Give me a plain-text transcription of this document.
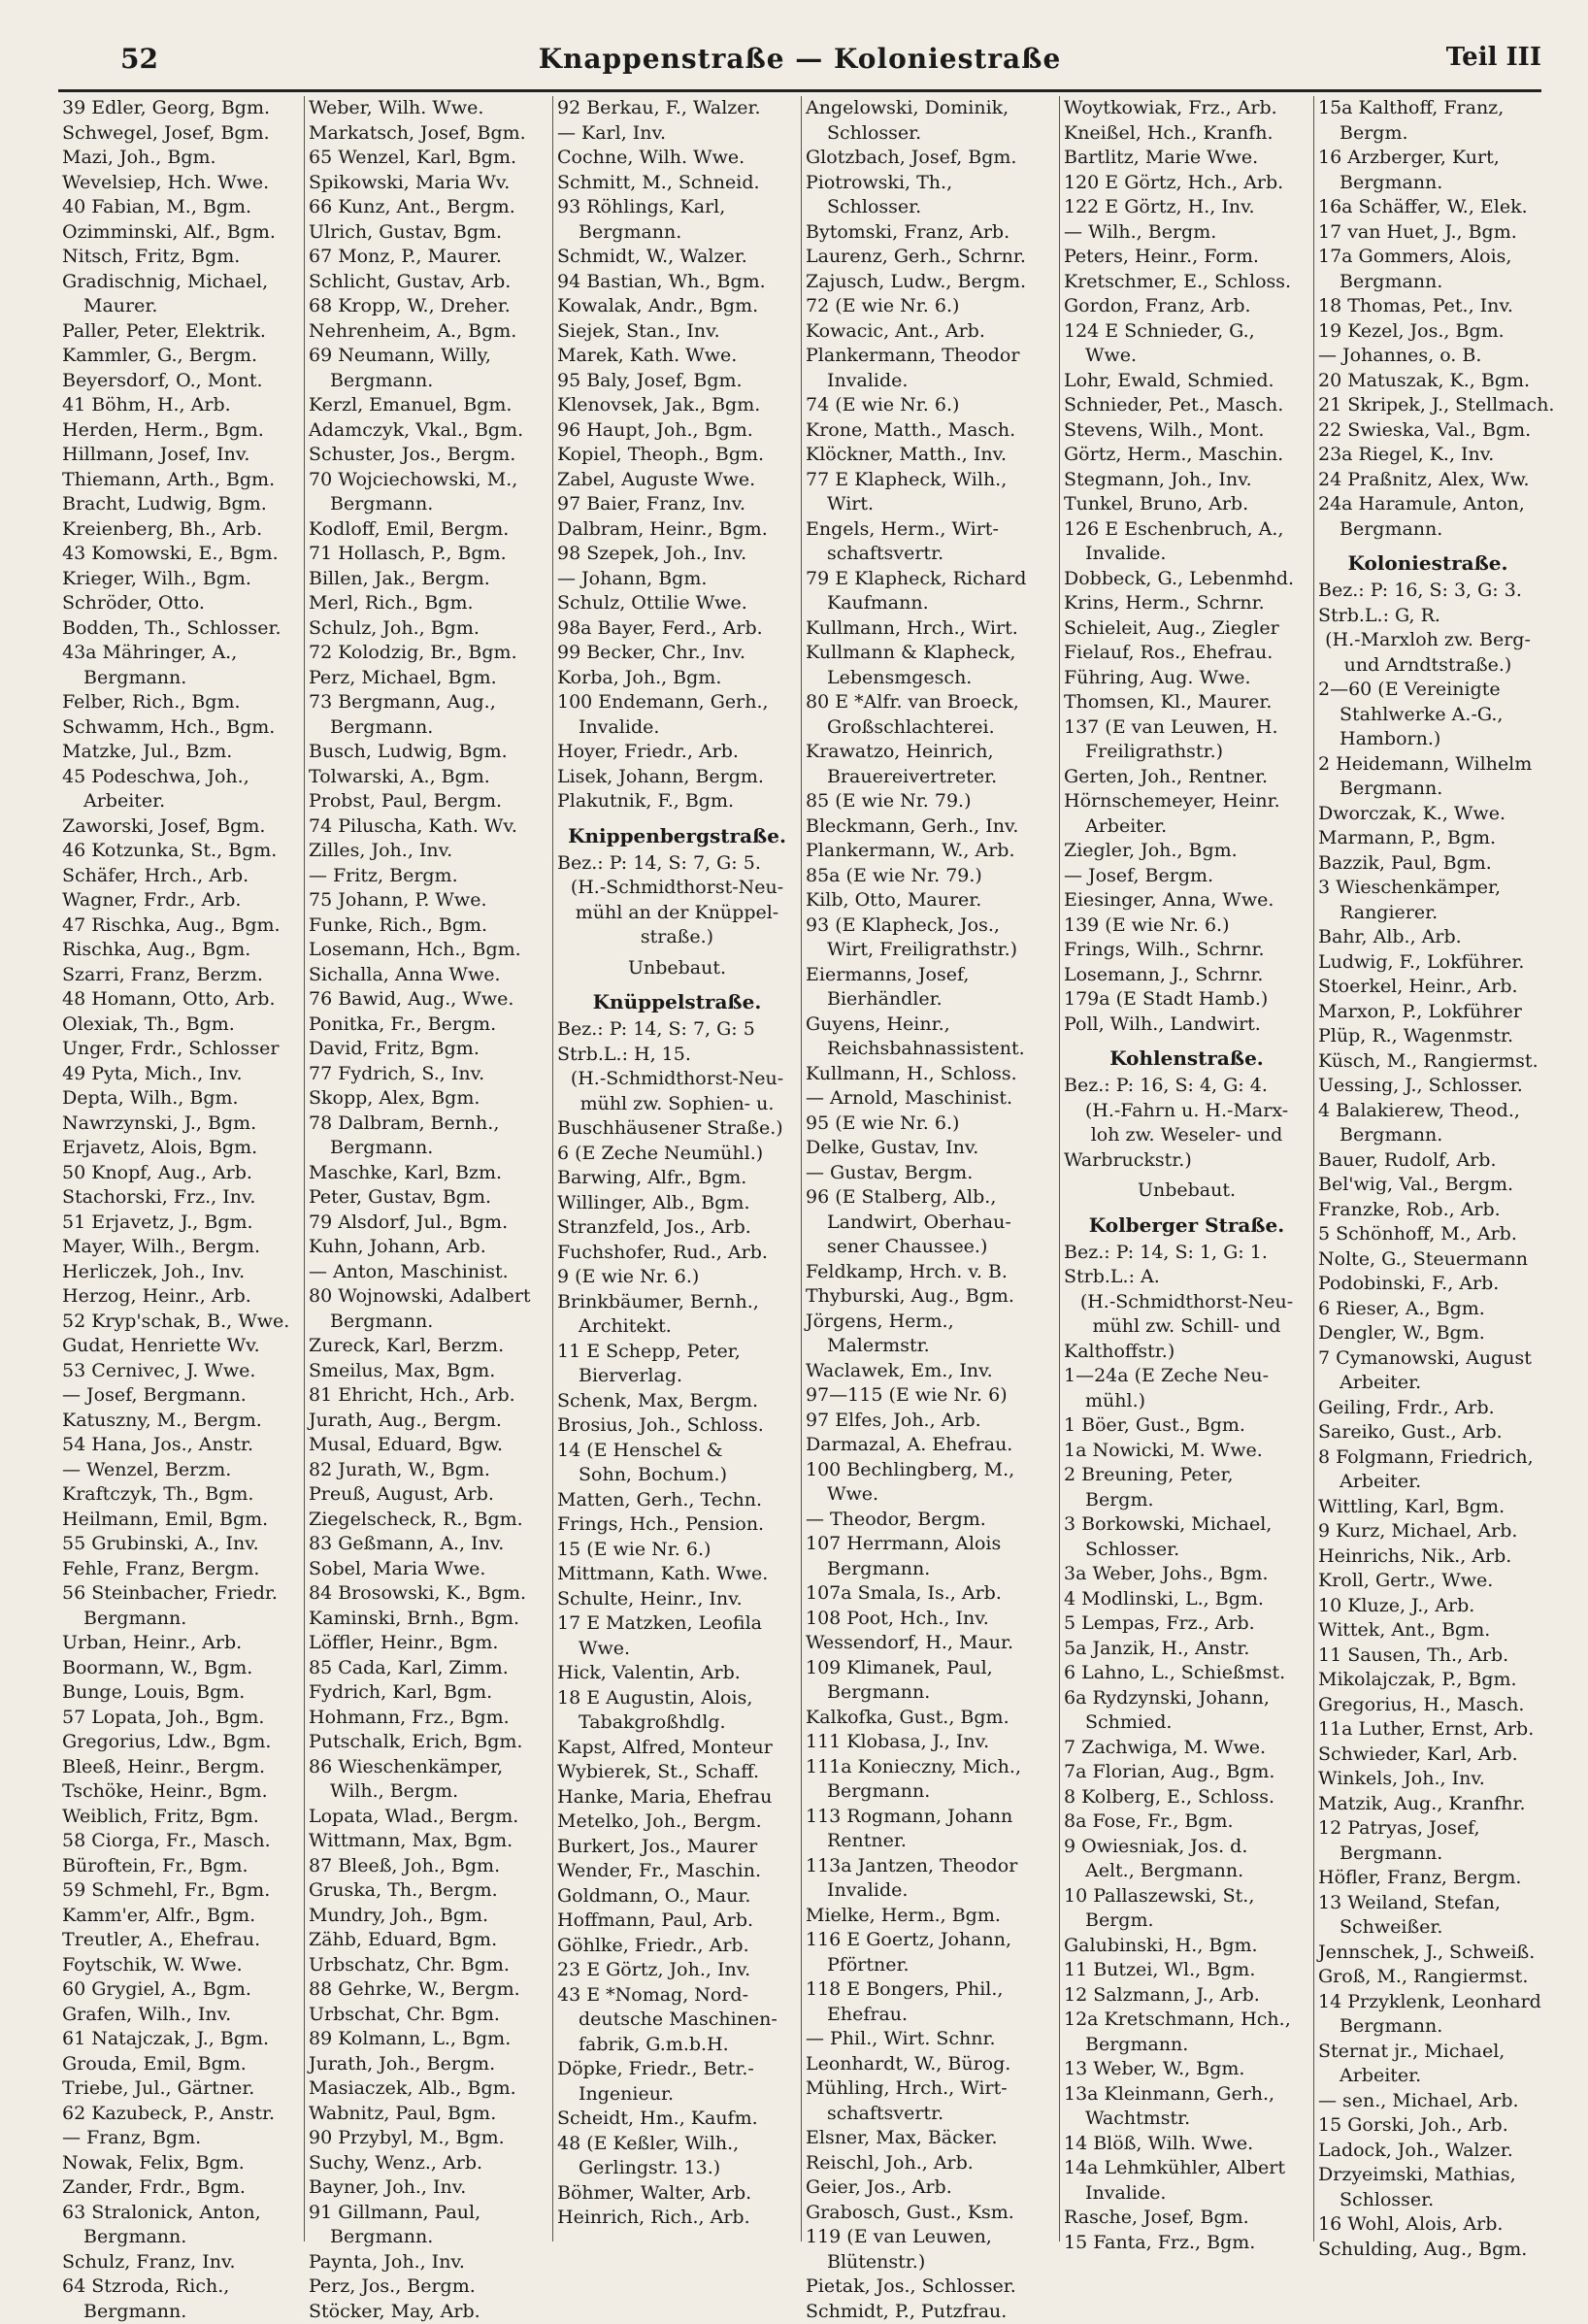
52	Knappenstraße — Koloniestraße	Teil III
39 Edler, Georg, Bgm.
Schwegel, Josef, Bgm.
Mazi, Joh., Bgm.
Wevelsiep, Hch. Wwe.
40 Fabian, M., Bgm.
Ozimminski, Alf., Bgm.
Nitsch, Fritz, Bgm.
Gradischnig, Michael,
Maurer.
Paller, Peter, Elektrik.
Kammler, G., Bergm.
Beyersdorf, O., Mont.
41 Böhm, H., Arb.
Herden, Herm., Bgm.
Hillmann, Josef, Inv.
Thiemann, Arth., Bgm.
Bracht, Ludwig, Bgm.
Kreienberg, Bh., Arb.
43 Komowski, E., Bgm.
Krieger, Wilh., Bgm.
Schröder, Otto.
Bodden, Th., Schlosser.
43a Mähringer, A.,
Bergmann.
Felber, Rich., Bgm.
Schwamm, Hch., Bgm.
Matzke, Jul., Bzm.
45 Podeschwa, Joh.,
Arbeiter.
Zaworski, Josef, Bgm.
46 Kotzunka, St., Bgm.
Schäfer, Hrch., Arb.
Wagner, Frdr., Arb.
47 Rischka, Aug., Bgm.
Rischka, Aug., Bgm.
Szarri, Franz, Berzm.
48 Homann, Otto, Arb.
Olexiak, Th., Bgm.
Unger, Frdr., Schlosser
49 Pyta, Mich., Inv.
Depta, Wilh., Bgm.
Nawrzynski, J., Bgm.
Erjavetz, Alois, Bgm.
50 Knopf, Aug., Arb.
Stachorski, Frz., Inv.
51 Erjavetz, J., Bgm.
Mayer, Wilh., Bergm.
Herliczek, Joh., Inv.
Herzog, Heinr., Arb.
52 Kryp'schak, B., Wwe.
Gudat, Henriette Wv.
53 Cernivec, J. Wwe.
— Josef, Bergmann.
Katuszny, M., Bergm.
54 Hana, Jos., Anstr.
— Wenzel, Berzm.
Kraftczyk, Th., Bgm.
Heilmann, Emil, Bgm.
55 Grubinski, A., Inv.
Fehle, Franz, Bergm.
56 Steinbacher, Friedr.
Bergmann.
Urban, Heinr., Arb.
Boormann, W., Bgm.
Bunge, Louis, Bgm.
57 Lopata, Joh., Bgm.
Gregorius, Ldw., Bgm.
Bleeß, Heinr., Bergm.
Tschöke, Heinr., Bgm.
Weiblich, Fritz, Bgm.
58 Ciorga, Fr., Masch.
Büroftein, Fr., Bgm.
59 Schmehl, Fr., Bgm.
Kamm'er, Alfr., Bgm.
Treutler, A., Ehefrau.
Foytschik, W. Wwe.
60 Grygiel, A., Bgm.
Grafen, Wilh., Inv.
61 Natajczak, J., Bgm.
Grouda, Emil, Bgm.
Triebe, Jul., Gärtner.
62 Kazubeck, P., Anstr.
— Franz, Bgm.
Nowak, Felix, Bgm.
Zander, Frdr., Bgm.
63 Stralonick, Anton,
Bergmann.
Schulz, Franz, Inv.
64 Stzroda, Rich.,
Bergmann.
Weber, Wilh. Wwe.
Markatsch, Josef, Bgm.
65 Wenzel, Karl, Bgm.
Spikowski, Maria Wv.
66 Kunz, Ant., Bergm.
Ulrich, Gustav, Bgm.
67 Monz, P., Maurer.
Schlicht, Gustav, Arb.
68 Kropp, W., Dreher.
Nehrenheim, A., Bgm.
69 Neumann, Willy,
Bergmann.
Kerzl, Emanuel, Bgm.
Adamczyk, Vkal., Bgm.
Schuster, Jos., Bergm.
70 Wojciechowski, M.,
Bergmann.
Kodloff, Emil, Bergm.
71 Hollasch, P., Bgm.
Billen, Jak., Bergm.
Merl, Rich., Bgm.
Schulz, Joh., Bgm.
72 Kolodzig, Br., Bgm.
Perz, Michael, Bgm.
73 Bergmann, Aug.,
Bergmann.
Busch, Ludwig, Bgm.
Tolwarski, A., Bgm.
Probst, Paul, Bergm.
74 Piluscha, Kath. Wv.
Zilles, Joh., Inv.
— Fritz, Bergm.
75 Johann, P. Wwe.
Funke, Rich., Bgm.
Losemann, Hch., Bgm.
Sichalla, Anna Wwe.
76 Bawid, Aug., Wwe.
Ponitka, Fr., Bergm.
David, Fritz, Bgm.
77 Fydrich, S., Inv.
Skopp, Alex, Bgm.
78 Dalbram, Bernh.,
Bergmann.
Maschke, Karl, Bzm.
Peter, Gustav, Bgm.
79 Alsdorf, Jul., Bgm.
Kuhn, Johann, Arb.
— Anton, Maschinist.
80 Wojnowski, Adalbert
Bergmann.
Zureck, Karl, Berzm.
Smeilus, Max, Bgm.
81 Ehricht, Hch., Arb.
Jurath, Aug., Bergm.
Musal, Eduard, Bgw.
82 Jurath, W., Bgm.
Preuß, August, Arb.
Ziegelscheck, R., Bgm.
83 Geßmann, A., Inv.
Sobel, Maria Wwe.
84 Brosowski, K., Bgm.
Kaminski, Brnh., Bgm.
Löffler, Heinr., Bgm.
85 Cada, Karl, Zimm.
Fydrich, Karl, Bgm.
Hohmann, Frz., Bgm.
Putschalk, Erich, Bgm.
86 Wieschenkämper,
Wilh., Bergm.
Lopata, Wlad., Bergm.
Wittmann, Max, Bgm.
87 Bleeß, Joh., Bgm.
Gruska, Th., Bergm.
Mundry, Joh., Bgm.
Zähb, Eduard, Bgm.
Urbschatz, Chr. Bgm.
88 Gehrke, W., Bergm.
Urbschat, Chr. Bgm.
89 Kolmann, L., Bgm.
Jurath, Joh., Bergm.
Masiaczek, Alb., Bgm.
Wabnitz, Paul, Bgm.
90 Przybyl, M., Bgm.
Suchy, Wenz., Arb.
Bayner, Joh., Inv.
91 Gillmann, Paul,
Bergmann.
Paynta, Joh., Inv.
Perz, Jos., Bergm.
Stöcker, May, Arb.
92 Berkau, F., Walzer.
— Karl, Inv.
Cochne, Wilh. Wwe.
Schmitt, M., Schneid.
93 Röhlings, Karl,
Bergmann.
Schmidt, W., Walzer.
94 Bastian, Wh., Bgm.
Kowalak, Andr., Bgm.
Siejek, Stan., Inv.
Marek, Kath. Wwe.
95 Baly, Josef, Bgm.
Klenovsek, Jak., Bgm.
96 Haupt, Joh., Bgm.
Kopiel, Theoph., Bgm.
Zabel, Auguste Wwe.
97 Baier, Franz, Inv.
Dalbram, Heinr., Bgm.
98 Szepek, Joh., Inv.
— Johann, Bgm.
Schulz, Ottilie Wwe.
98a Bayer, Ferd., Arb.
99 Becker, Chr., Inv.
Korba, Joh., Bgm.
100 Endemann, Gerh.,
Invalide.
Hoyer, Friedr., Arb.
Lisek, Johann, Bergm.
Plakutnik, F., Bgm.
Knippenbergstraße.
Bez.: P: 14, S: 7, G: 5.
(H.-Schmidthorst-Neu-
mühl an der Knüppel-
straße.)
Unbebaut.
Knüppelstraße.
Bez.: P: 14, S: 7, G: 5
Strb.L.: H, 15.
(H.-Schmidthorst-Neu-
mühl zw. Sophien- u.
Buschhäusener Straße.)
6 (E Zeche Neumühl.)
Barwing, Alfr., Bgm.
Willinger, Alb., Bgm.
Stranzfeld, Jos., Arb.
Fuchshofer, Rud., Arb.
9 (E wie Nr. 6.)
Brinkbäumer, Bernh.,
Architekt.
11 E Schepp, Peter,
Bierverlag.
Schenk, Max, Bergm.
Brosius, Joh., Schloss.
14 (E Henschel &
Sohn, Bochum.)
Matten, Gerh., Techn.
Frings, Hch., Pension.
15 (E wie Nr. 6.)
Mittmann, Kath. Wwe.
Schulte, Heinr., Inv.
17 E Matzken, Leofila
Wwe.
Hick, Valentin, Arb.
18 E Augustin, Alois,
Tabakgroßhdlg.
Kapst, Alfred, Monteur
Wybierek, St., Schaff.
Hanke, Maria, Ehefrau
Metelko, Joh., Bergm.
Burkert, Jos., Maurer
Wender, Fr., Maschin.
Goldmann, O., Maur.
Hoffmann, Paul, Arb.
Göhlke, Friedr., Arb.
23 E Görtz, Joh., Inv.
43 E *Nomag, Nord-
deutsche Maschinen-
fabrik, G.m.b.H.
Döpke, Friedr., Betr.-
Ingenieur.
Scheidt, Hm., Kaufm.
48 (E Keßler, Wilh.,
Gerlingstr. 13.)
Böhmer, Walter, Arb.
Heinrich, Rich., Arb.
Angelowski, Dominik,
Schlosser.
Glotzbach, Josef, Bgm.
Piotrowski, Th.,
Schlosser.
Bytomski, Franz, Arb.
Laurenz, Gerh., Schrnr.
Zajusch, Ludw., Bergm.
72 (E wie Nr. 6.)
Kowacic, Ant., Arb.
Plankermann, Theodor
Invalide.
74 (E wie Nr. 6.)
Krone, Matth., Masch.
Klöckner, Matth., Inv.
77 E Klapheck, Wilh.,
Wirt.
Engels, Herm., Wirt-
schaftsvertr.
79 E Klapheck, Richard
Kaufmann.
Kullmann, Hrch., Wirt.
Kullmann & Klapheck,
Lebensmgesch.
80 E *Alfr. van Broeck,
Großschlachterei.
Krawatzo, Heinrich,
Brauereivertreter.
85 (E wie Nr. 79.)
Bleckmann, Gerh., Inv.
Plankermann, W., Arb.
85a (E wie Nr. 79.)
Kilb, Otto, Maurer.
93 (E Klapheck, Jos.,
Wirt, Freiligrathstr.)
Eiermanns, Josef,
Bierhändler.
Guyens, Heinr.,
Reichsbahnassistent.
Kullmann, H., Schloss.
— Arnold, Maschinist.
95 (E wie Nr. 6.)
Delke, Gustav, Inv.
— Gustav, Bergm.
96 (E Stalberg, Alb.,
Landwirt, Oberhau-
sener Chaussee.)
Feldkamp, Hrch. v. B.
Thyburski, Aug., Bgm.
Jörgens, Herm.,
Malermstr.
Waclawek, Em., Inv.
97—115 (E wie Nr. 6)
97 Elfes, Joh., Arb.
Darmazal, A. Ehefrau.
100 Bechlingberg, M.,
Wwe.
— Theodor, Bergm.
107 Herrmann, Alois
Bergmann.
107a Smala, Is., Arb.
108 Poot, Hch., Inv.
Wessendorf, H., Maur.
109 Klimanek, Paul,
Bergmann.
Kalkofka, Gust., Bgm.
111 Klobasa, J., Inv.
111a Konieczny, Mich.,
Bergmann.
113 Rogmann, Johann
Rentner.
113a Jantzen, Theodor
Invalide.
Mielke, Herm., Bgm.
116 E Goertz, Johann,
Pförtner.
118 E Bongers, Phil.,
Ehefrau.
— Phil., Wirt. Schnr.
Leonhardt, W., Bürog.
Mühling, Hrch., Wirt-
schaftsvertr.
Elsner, Max, Bäcker.
Reischl, Joh., Arb.
Geier, Jos., Arb.
Grabosch, Gust., Ksm.
119 (E van Leuwen,
Blütenstr.)
Pietak, Jos., Schlosser.
Schmidt, P., Putzfrau.
Woytkowiak, Frz., Arb.
Kneißel, Hch., Kranfh.
Bartlitz, Marie Wwe.
120 E Görtz, Hch., Arb.
122 E Görtz, H., Inv.
— Wilh., Bergm.
Peters, Heinr., Form.
Kretschmer, E., Schloss.
Gordon, Franz, Arb.
124 E Schnieder, G.,
Wwe.
Lohr, Ewald, Schmied.
Schnieder, Pet., Masch.
Stevens, Wilh., Mont.
Görtz, Herm., Maschin.
Stegmann, Joh., Inv.
Tunkel, Bruno, Arb.
126 E Eschenbruch, A.,
Invalide.
Dobbeck, G., Lebenmhd.
Krins, Herm., Schrnr.
Schieleit, Aug., Ziegler
Fielauf, Ros., Ehefrau.
Führing, Aug. Wwe.
Thomsen, Kl., Maurer.
137 (E van Leuwen, H.
Freiligrathstr.)
Gerten, Joh., Rentner.
Hörnschemeyer, Heinr.
Arbeiter.
Ziegler, Joh., Bgm.
— Josef, Bergm.
Eiesinger, Anna, Wwe.
139 (E wie Nr. 6.)
Frings, Wilh., Schrnr.
Losemann, J., Schrnr.
179a (E Stadt Hamb.)
Poll, Wilh., Landwirt.
Kohlenstraße.
Bez.: P: 16, S: 4, G: 4.
(H.-Fahrn u. H.-Marx-
loh zw. Weseler- und
Warbruckstr.)
Unbebaut.
Kolberger Straße.
Bez.: P: 14, S: 1, G: 1.
Strb.L.: A.
(H.-Schmidthorst-Neu-
mühl zw. Schill- und
Kalthoffstr.)
1—24a (E Zeche Neu-
mühl.)
1 Böer, Gust., Bgm.
1a Nowicki, M. Wwe.
2 Breuning, Peter,
Bergm.
3 Borkowski, Michael,
Schlosser.
3a Weber, Johs., Bgm.
4 Modlinski, L., Bgm.
5 Lempas, Frz., Arb.
5a Janzik, H., Anstr.
6 Lahno, L., Schießmst.
6a Rydzynski, Johann,
Schmied.
7 Zachwiga, M. Wwe.
7a Florian, Aug., Bgm.
8 Kolberg, E., Schloss.
8a Fose, Fr., Bgm.
9 Owiesniak, Jos. d.
Aelt., Bergmann.
10 Pallaszewski, St.,
Bergm.
Galubinski, H., Bgm.
11 Butzei, Wl., Bgm.
12 Salzmann, J., Arb.
12a Kretschmann, Hch.,
Bergmann.
13 Weber, W., Bgm.
13a Kleinmann, Gerh.,
Wachtmstr.
14 Blöß, Wilh. Wwe.
14a Lehmkühler, Albert
Invalide.
Rasche, Josef, Bgm.
15 Fanta, Frz., Bgm.
15a Kalthoff, Franz,
Bergm.
16 Arzberger, Kurt,
Bergmann.
16a Schäffer, W., Elek.
17 van Huet, J., Bgm.
17a Gommers, Alois,
Bergmann.
18 Thomas, Pet., Inv.
19 Kezel, Jos., Bgm.
— Johannes, o. B.
20 Matuszak, K., Bgm.
21 Skripek, J., Stellmach.
22 Swieska, Val., Bgm.
23a Riegel, K., Inv.
24 Praßnitz, Alex, Ww.
24a Haramule, Anton,
Bergmann.
Koloniestraße.
Bez.: P: 16, S: 3, G: 3.
Strb.L.: G, R.
(H.-Marxloh zw. Berg-
und Arndtstraße.)
2—60 (E Vereinigte
Stahlwerke A.-G.,
Hamborn.)
2 Heidemann, Wilhelm
Bergmann.
Dworczak, K., Wwe.
Marmann, P., Bgm.
Bazzik, Paul, Bgm.
3 Wieschenkämper,
Rangierer.
Bahr, Alb., Arb.
Ludwig, F., Lokführer.
Stoerkel, Heinr., Arb.
Marxon, P., Lokführer
Plüp, R., Wagenmstr.
Küsch, M., Rangiermst.
Uessing, J., Schlosser.
4 Balakierew, Theod.,
Bergmann.
Bauer, Rudolf, Arb.
Bel'wig, Val., Bergm.
Franzke, Rob., Arb.
5 Schönhoff, M., Arb.
Nolte, G., Steuermann
Podobinski, F., Arb.
6 Rieser, A., Bgm.
Dengler, W., Bgm.
7 Cymanowski, August
Arbeiter.
Geiling, Frdr., Arb.
Sareiko, Gust., Arb.
8 Folgmann, Friedrich,
Arbeiter.
Wittling, Karl, Bgm.
9 Kurz, Michael, Arb.
Heinrichs, Nik., Arb.
Kroll, Gertr., Wwe.
10 Kluze, J., Arb.
Wittek, Ant., Bgm.
11 Sausen, Th., Arb.
Mikolajczak, P., Bgm.
Gregorius, H., Masch.
11a Luther, Ernst, Arb.
Schwieder, Karl, Arb.
Winkels, Joh., Inv.
Matzik, Aug., Kranfhr.
12 Patryas, Josef,
Bergmann.
Höfler, Franz, Bergm.
13 Weiland, Stefan,
Schweißer.
Jennschek, J., Schweiß.
Groß, M., Rangiermst.
14 Przyklenk, Leonhard
Bergmann.
Sternat jr., Michael,
Arbeiter.
— sen., Michael, Arb.
15 Gorski, Joh., Arb.
Ladock, Joh., Walzer.
Drzyeimski, Mathias,
Schlosser.
16 Wohl, Alois, Arb.
Schulding, Aug., Bgm.
